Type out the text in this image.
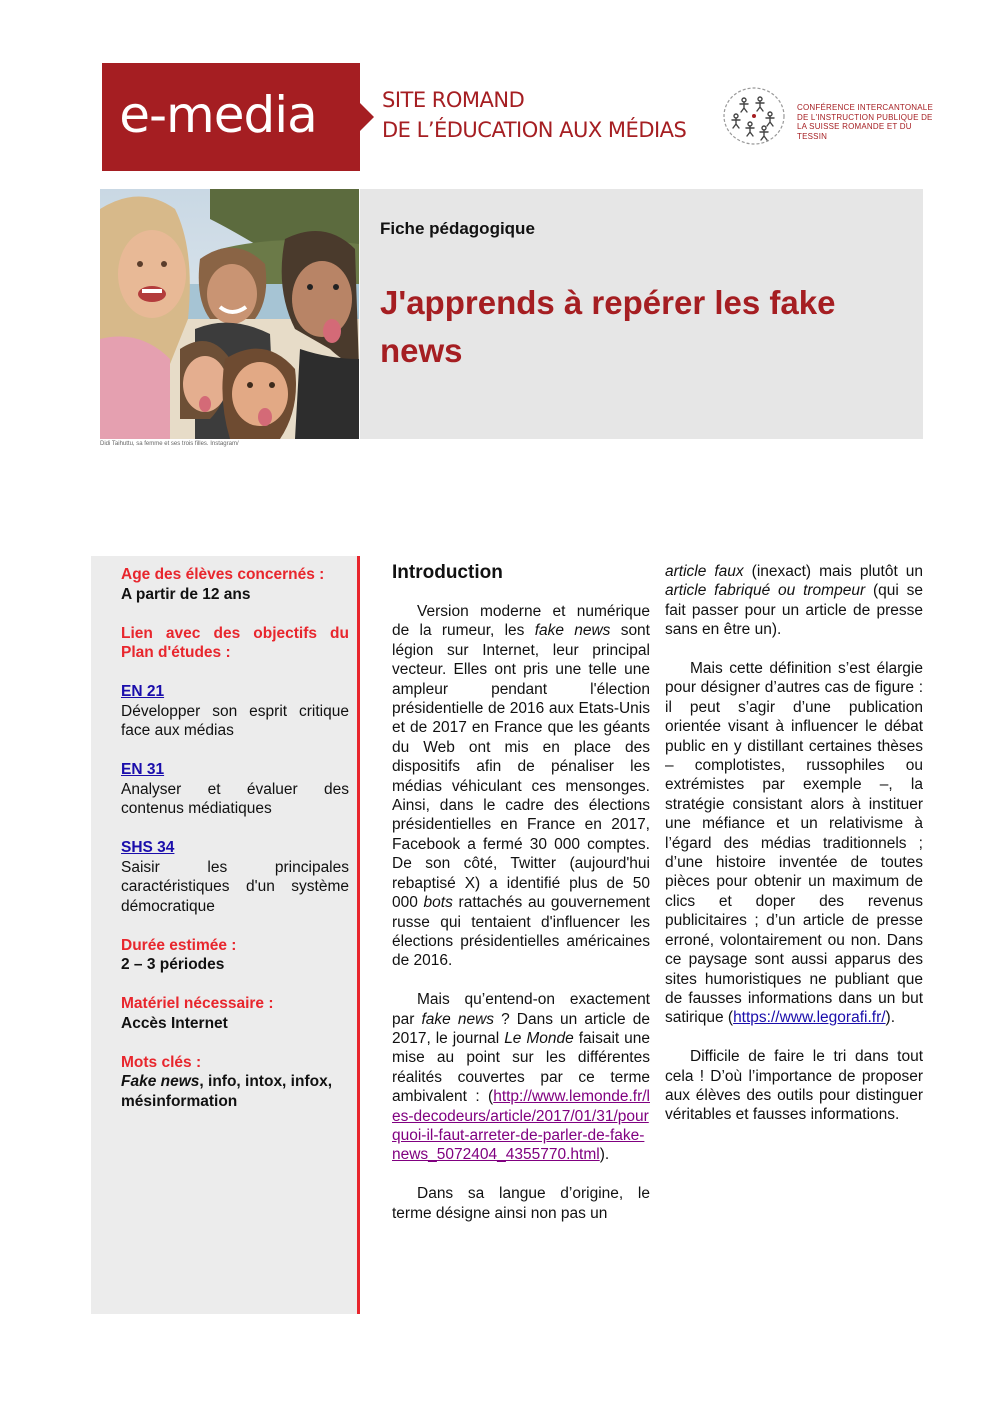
e-media	SITE ROMAND
DE L’ÉDUCATION AUX MÉDIAS
CONFÉRENCE INTERCANTONALE DE L'INSTRUCTION PUBLIQUE DE LA SUISSE ROMANDE ET DU TESSIN
Didi Taihuttu, sa femme et ses trois filles. Instagram/
Fiche pédagogique
J'apprends à repérer les fake news
Age des élèves concernés :
A partir de 12 ans
Lien avec des objectifs du Plan d'études :
EN 21
Développer son esprit critique face aux médias
EN 31
Analyser et évaluer des contenus médiatiques
SHS 34
Saisir les principales caractéristiques d'un système démocratique
Durée estimée :
2 – 3 périodes
Matériel nécessaire :
Accès Internet
Mots clés :
Fake news, info, intox, infox, mésinformation
Introduction

Version moderne et numérique de la rumeur, les fake news sont légion sur Internet, leur principal vecteur. Elles ont pris une telle une ampleur pendant l'élection présidentielle de 2016 aux Etats-Unis et de 2017 en France que les géants du Web ont mis en place des dispositifs afin de pénaliser les médias véhiculant ces mensonges. Ainsi, dans le cadre des élections présidentielles en France en 2017, Facebook a fermé 30 000 comptes. De son côté, Twitter (aujourd'hui rebaptisé X) a identifié plus de 50 000 bots rattachés au gouvernement russe qui tentaient d'influencer les élections présidentielles américaines de 2016.

Mais qu’entend-on exactement par fake news ? Dans un article de 2017, le journal Le Monde faisait une mise au point sur les différentes réalités couvertes par ce terme ambivalent : (http://www.lemonde.fr/les-decodeurs/article/2017/01/31/pourquoi-il-faut-arreter-de-parler-de-fake-news_5072404_4355770.html).

Dans sa langue d’origine, le terme désigne ainsi non pas un

article faux (inexact) mais plutôt un article fabriqué ou trompeur (qui se fait passer pour un article de presse sans en être un).

Mais cette définition s’est élargie pour désigner d’autres cas de figure : il peut s’agir d’une publication orientée visant à influencer le débat public en y distillant certaines thèses – complotistes, russophiles ou extrémistes par exemple –, la stratégie consistant alors à instituer une méfiance et un relativisme à l’égard des médias traditionnels ; d’une histoire inventée de toutes pièces pour obtenir un maximum de clics et doper des revenus publicitaires ; d’un article de presse erroné, volontairement ou non. Dans ce paysage sont aussi apparus des sites humoristiques ne publiant que de fausses informations dans un but satirique (https://www.legorafi.fr/).

Difficile de faire le tri dans tout cela ! D’où l’importance de proposer aux élèves des outils pour distinguer véritables et fausses informations.
